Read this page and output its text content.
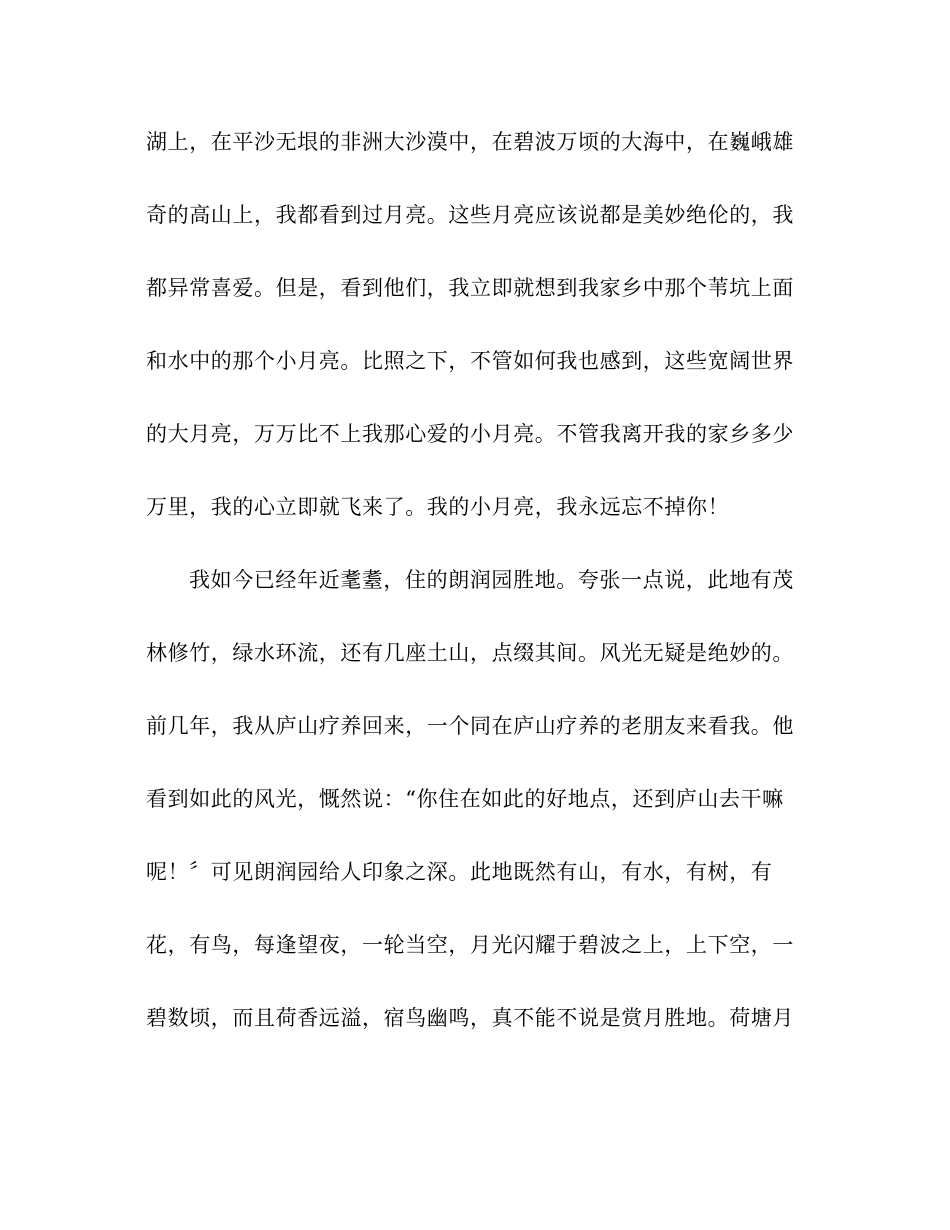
湖上，在平沙无垠的非洲大沙漠中，在碧波万顷的大海中，在巍峨雄
奇的高山上，我都看到过月亮。这些月亮应该说都是美妙绝伦的，我
都异常喜爱。但是，看到他们，我立即就想到我家乡中那个苇坑上面
和水中的那个小月亮。比照之下，不管如何我也感到，这些宽阔世界
的大月亮，万万比不上我那心爱的小月亮。不管我离开我的家乡多少
万里，我的心立即就飞来了。我的小月亮，我永远忘不掉你！
我如今已经年近耄耋，住的朗润园胜地。夸张一点说，此地有茂
林修竹，绿水环流，还有几座土山，点缀其间。风光无疑是绝妙的。
前几年，我从庐山疗养回来，一个同在庐山疗养的老朋友来看我。他
看到如此的风光，慨然说：“你住在如此的好地点，还到庐山去干嘛
呢！〞可见朗润园给人印象之深。此地既然有山，有水，有树，有
花，有鸟，每逢望夜，一轮当空，月光闪耀于碧波之上，上下空，一
碧数顷，而且荷香远溢，宿鸟幽鸣，真不能不说是赏月胜地。荷塘月
